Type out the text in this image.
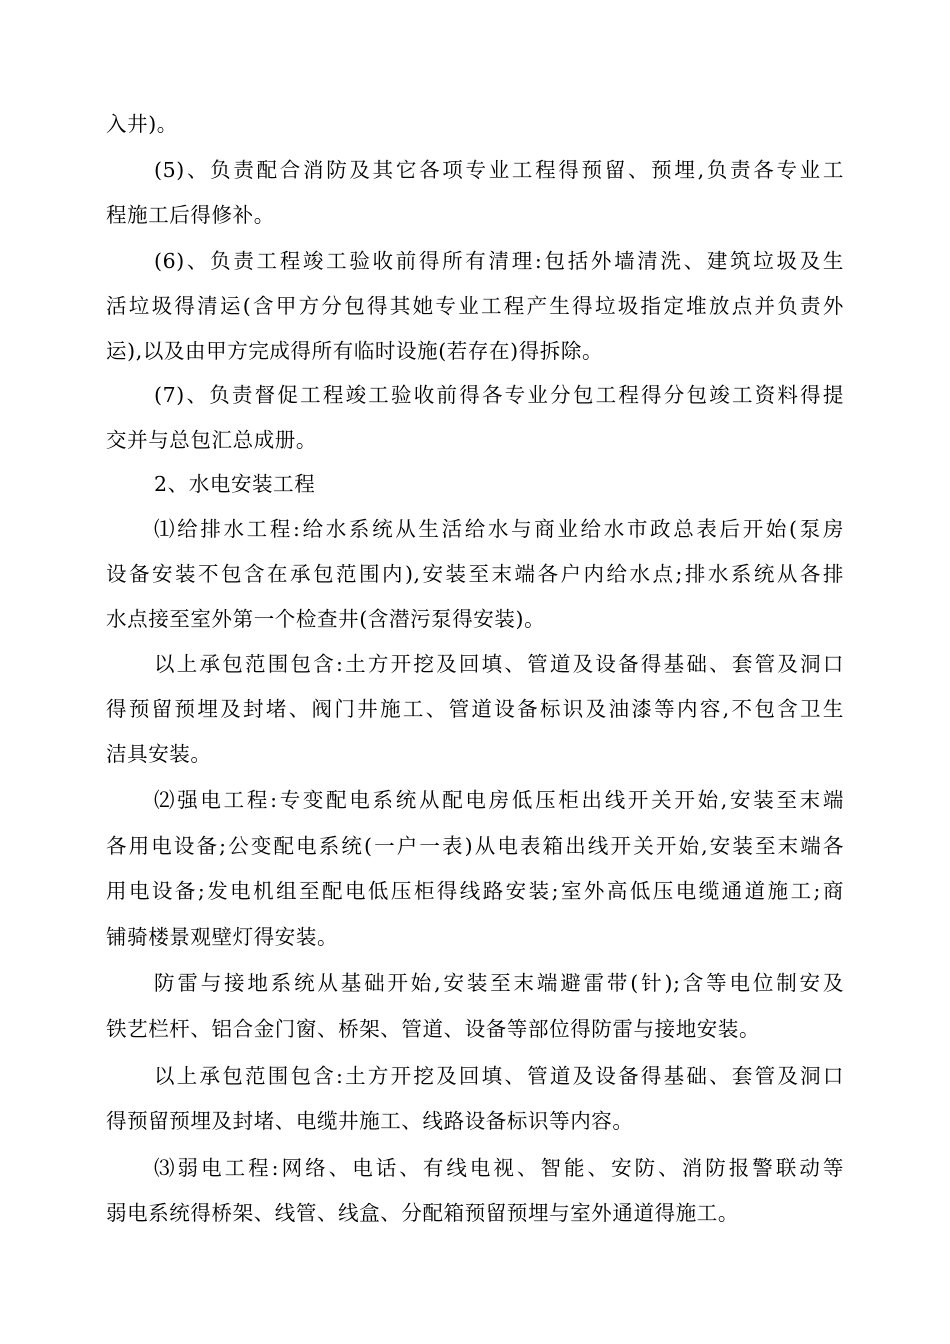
入井)。
(5)、负责配合消防及其它各项专业工程得预留、预埋,负责各专业工
程施工后得修补。
(6)、负责工程竣工验收前得所有清理:包括外墙清洗、建筑垃圾及生
活垃圾得清运(含甲方分包得其她专业工程产生得垃圾指定堆放点并负责外
运),以及由甲方完成得所有临时设施(若存在)得拆除。
(7)、负责督促工程竣工验收前得各专业分包工程得分包竣工资料得提
交并与总包汇总成册。
2、水电安装工程
⑴给排水工程:给水系统从生活给水与商业给水市政总表后开始(泵房
设备安装不包含在承包范围内),安装至末端各户内给水点;排水系统从各排
水点接至室外第一个检查井(含潜污泵得安装)。
以上承包范围包含:土方开挖及回填、管道及设备得基础、套管及洞口
得预留预埋及封堵、阀门井施工、管道设备标识及油漆等内容,不包含卫生
洁具安装。
⑵强电工程:专变配电系统从配电房低压柜出线开关开始,安装至末端
各用电设备;公变配电系统(一户一表)从电表箱出线开关开始,安装至末端各
用电设备;发电机组至配电低压柜得线路安装;室外高低压电缆通道施工;商
铺骑楼景观壁灯得安装。
防雷与接地系统从基础开始,安装至末端避雷带(针);含等电位制安及
铁艺栏杆、铝合金门窗、桥架、管道、设备等部位得防雷与接地安装。
以上承包范围包含:土方开挖及回填、管道及设备得基础、套管及洞口
得预留预埋及封堵、电缆井施工、线路设备标识等内容。
⑶弱电工程:网络、电话、有线电视、智能、安防、消防报警联动等
弱电系统得桥架、线管、线盒、分配箱预留预埋与室外通道得施工。
